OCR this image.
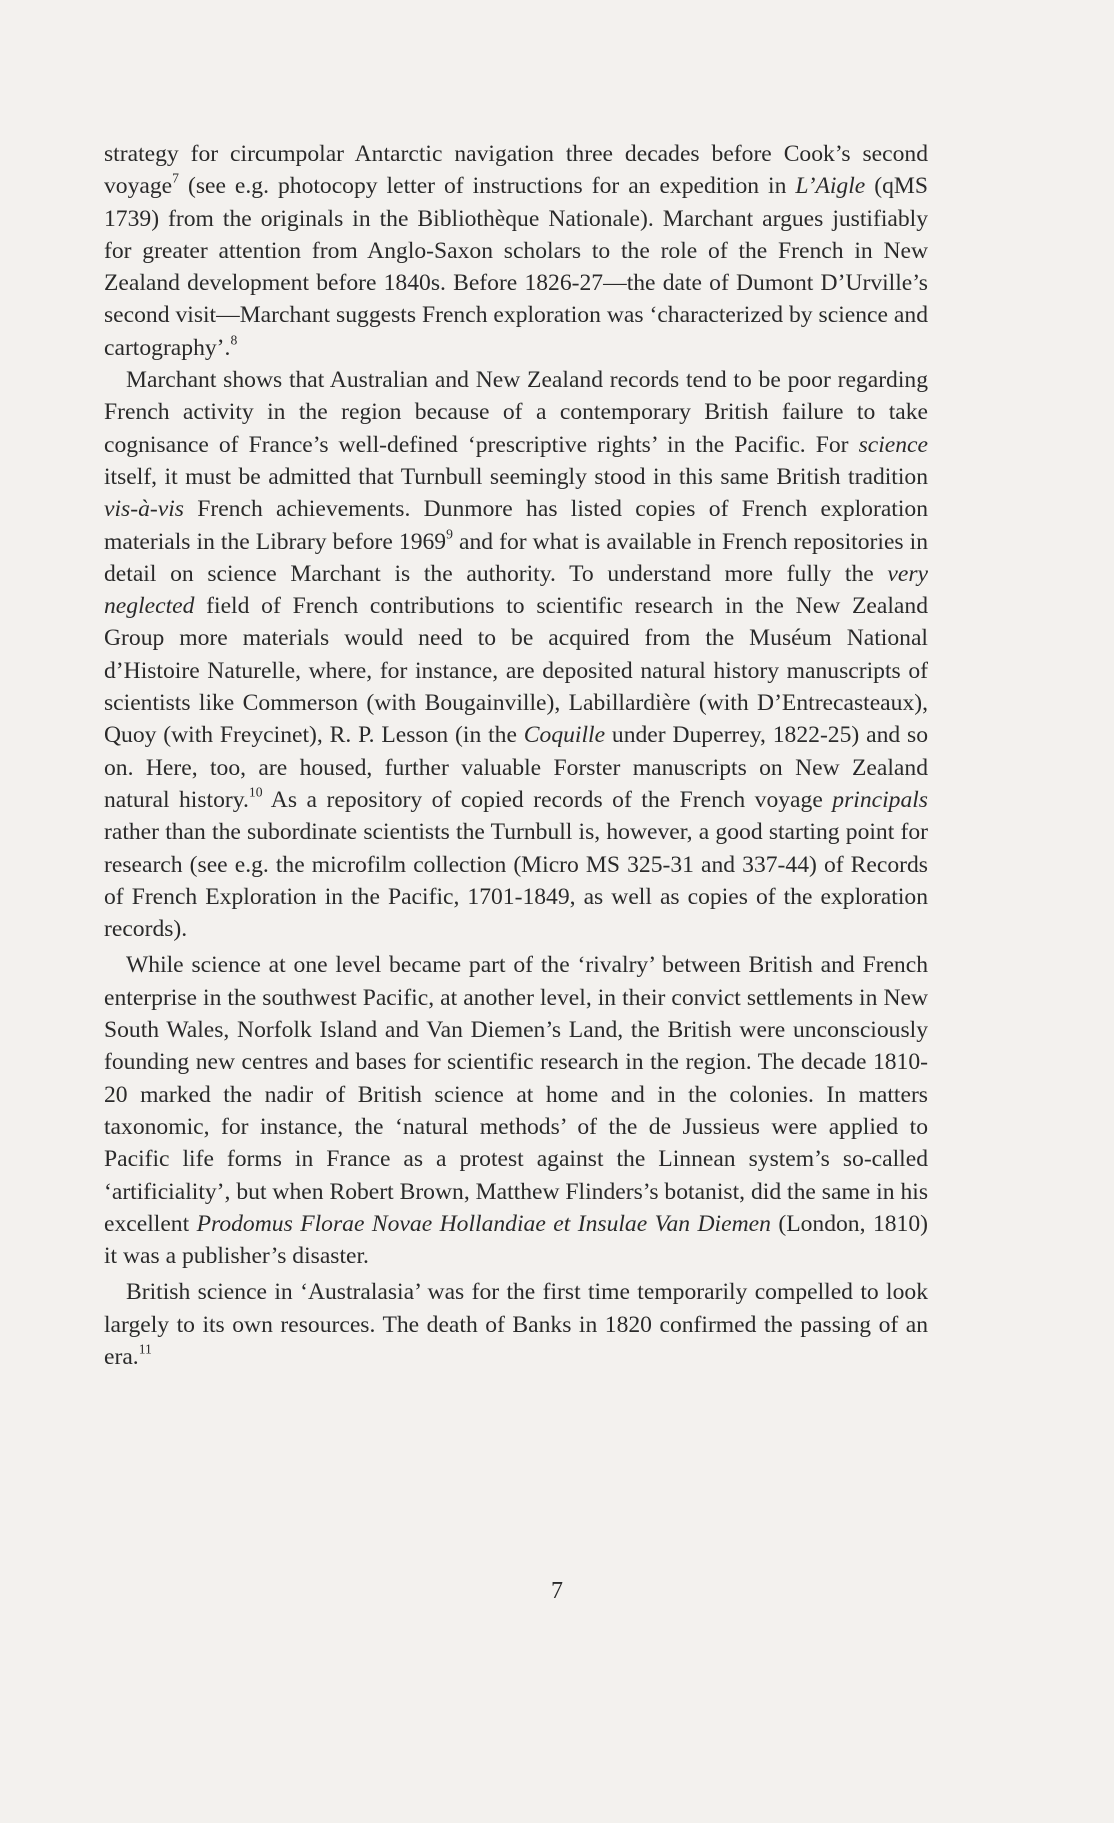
strategy for circumpolar Antarctic navigation three decades before Cook’s second voyage$^7$ (see e.g. photocopy letter of instructions for an expedition in L’Aigle (qMS 1739) from the originals in the Bibliothèque Nationale). Marchant argues justifiably for greater attention from Anglo-Saxon scholars to the role of the French in New Zealand development before 1840s. Before 1826-27—the date of Dumont D’Urville’s second visit—Marchant suggests French exploration was ‘characterized by science and cartography’.$^8$

Marchant shows that Australian and New Zealand records tend to be poor regarding French activity in the region because of a contemporary British failure to take cognisance of France’s well-defined ‘prescriptive rights’ in the Pacific. For science itself, it must be admitted that Turnbull seemingly stood in this same British tradition vis-à-vis French achievements. Dunmore has listed copies of French exploration materials in the Library before 1969$^9$ and for what is available in French repositories in detail on science Marchant is the authority. To understand more fully the very neglected field of French contributions to scientific research in the New Zealand Group more materials would need to be acquired from the Muséum National d’Histoire Naturelle, where, for instance, are deposited natural history manuscripts of scientists like Commerson (with Bougainville), Labillardière (with D’Entrecasteaux), Quoy (with Freycinet), R. P. Lesson (in the Coquille under Duperrey, 1822-25) and so on. Here, too, are housed, further valuable Forster manuscripts on New Zealand natural history.$^{10}$ As a repository of copied records of the French voyage principals rather than the subordinate scientists the Turnbull is, however, a good starting point for research (see e.g. the microfilm collection (Micro MS 325-31 and 337-44) of Records of French Exploration in the Pacific, 1701-1849, as well as copies of the exploration records).

While science at one level became part of the ‘rivalry’ between British and French enterprise in the southwest Pacific, at another level, in their convict settlements in New South Wales, Norfolk Island and Van Diemen’s Land, the British were unconsciously founding new centres and bases for scientific research in the region. The decade 1810-20 marked the nadir of British science at home and in the colonies. In matters taxonomic, for instance, the ‘natural methods’ of the de Jussieus were applied to Pacific life forms in France as a protest against the Linnean system’s so-called ‘artificiality’, but when Robert Brown, Matthew Flinders’s botanist, did the same in his excellent Prodomus Florae Novae Hollandiae et Insulae Van Diemen (London, 1810) it was a publisher’s disaster.

British science in ‘Australasia’ was for the first time temporarily compelled to look largely to its own resources. The death of Banks in 1820 confirmed the passing of an era.$^{11}$

7
